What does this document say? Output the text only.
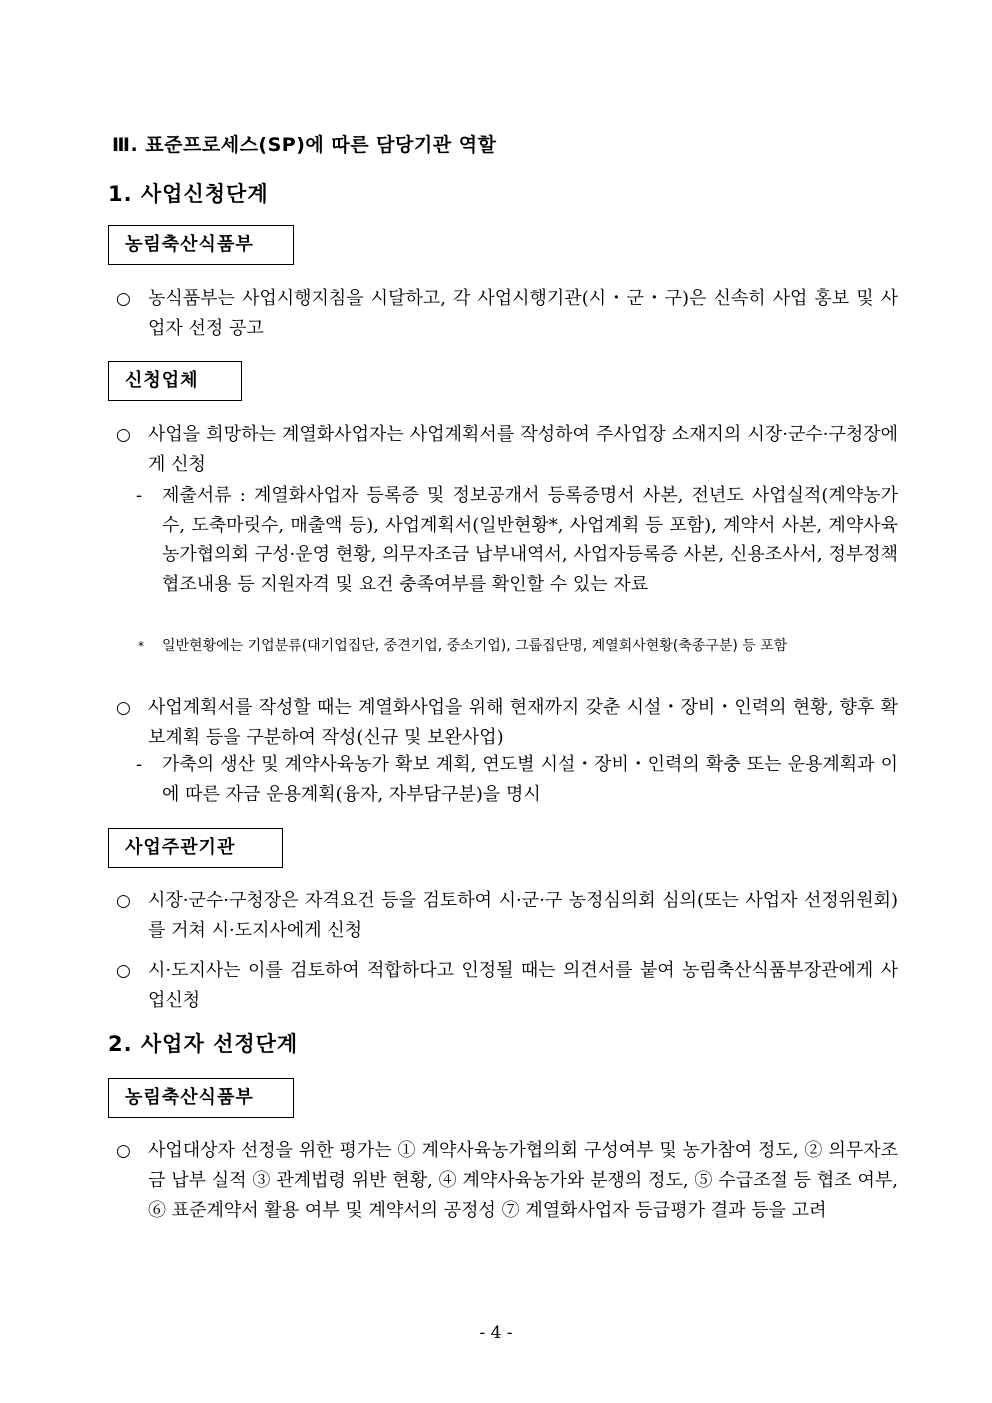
Ⅲ. 표준프로세스(SP)에 따른 담당기관 역할
1. 사업신청단계
농림축산식품부
○ 농식품부는 사업시행지침을 시달하고, 각 사업시행기관(시・군・구)은 신속히 사업 홍보 및 사업자 선정 공고
신청업체
○ 사업을 희망하는 계열화사업자는 사업계획서를 작성하여 주사업장 소재지의 시장·군수·구청장에게 신청
-	제출서류 : 계열화사업자 등록증 및 정보공개서 등록증명서 사본, 전년도 사업실적(계약농가 수, 도축마릿수, 매출액 등), 사업계획서(일반현황*, 사업계획 등 포함), 계약서 사본, 계약사육농가협의회 구성·운영 현황, 의무자조금 납부내역서, 사업자등록증 사본, 신용조사서, 정부정책 협조내용 등 지원자격 및 요건 충족여부를 확인할 수 있는 자료
*	일반현황에는 기업분류(대기업집단, 중견기업, 중소기업), 그룹집단명, 계열회사현황(축종구분) 등 포함
○ 사업계획서를 작성할 때는 계열화사업을 위해 현재까지 갖춘 시설・장비・인력의 현황, 향후 확보계획 등을 구분하여 작성(신규 및 보완사업)
-	가축의 생산 및 계약사육농가 확보 계획, 연도별 시설・장비・인력의 확충 또는 운용계획과 이에 따른 자금 운용계획(융자, 자부담구분)을 명시
사업주관기관
○ 시장·군수·구청장은 자격요건 등을 검토하여 시·군·구 농정심의회 심의(또는 사업자 선정위원회)를 거쳐 시·도지사에게 신청
○ 시·도지사는 이를 검토하여 적합하다고 인정될 때는 의견서를 붙여 농림축산식품부장관에게 사업신청
2. 사업자 선정단계
농림축산식품부
○ 사업대상자 선정을 위한 평가는 ① 계약사육농가협의회 구성여부 및 농가참여 정도, ② 의무자조금 납부 실적 ③ 관계법령 위반 현황, ④ 계약사육농가와 분쟁의 정도, ⑤ 수급조절 등 협조 여부, ⑥ 표준계약서 활용 여부 및 계약서의 공정성 ⑦ 계열화사업자 등급평가 결과 등을 고려
- 4 -
